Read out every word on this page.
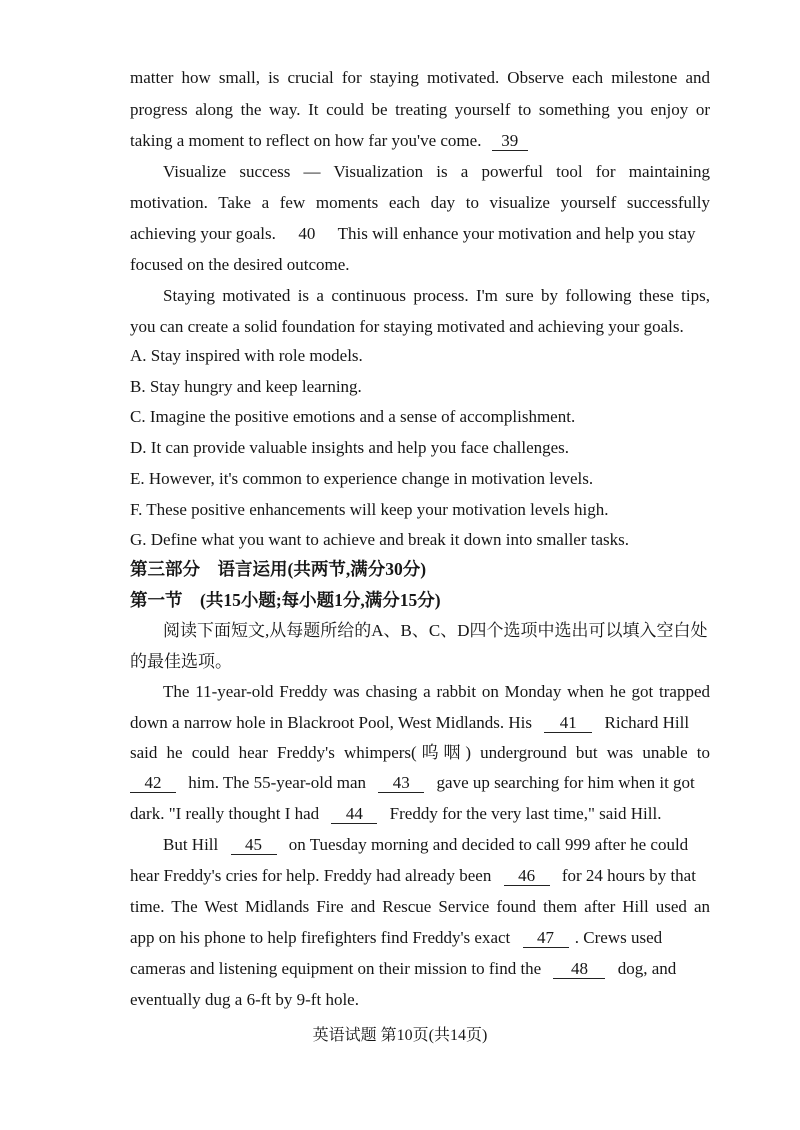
matter how small, is crucial for staying motivated. Observe each milestone and
progress along the way. It could be treating yourself to something you enjoy or
taking a moment to reflect on how far you've come. 39
Visualize success — Visualization is a powerful tool for maintaining
motivation. Take a few moments each day to visualize yourself successfully
achieving your goals. 40 This will enhance your motivation and help you stay
focused on the desired outcome.
Staying motivated is a continuous process. I'm sure by following these tips,
you can create a solid foundation for staying motivated and achieving your goals.
A. Stay inspired with role models.
B. Stay hungry and keep learning.
C. Imagine the positive emotions and a sense of accomplishment.
D. It can provide valuable insights and help you face challenges.
E. However, it's common to experience change in motivation levels.
F. These positive enhancements will keep your motivation levels high.
G. Define what you want to achieve and break it down into smaller tasks.
第三部分　语言运用(共两节,满分30分)
第一节　(共15小题;每小题1分,满分15分)
阅读下面短文,从每题所给的A、B、C、D四个选项中选出可以填入空白处
的最佳选项。
The 11-year-old Freddy was chasing a rabbit on Monday when he got trapped
down a narrow hole in Blackroot Pool, West Midlands. His 41 Richard Hill
said he could hear Freddy's whimpers(呜咽) underground but was unable to
42 him. The 55-year-old man 43 gave up searching for him when it got
dark. "I really thought I had 44 Freddy for the very last time," said Hill.
But Hill 45 on Tuesday morning and decided to call 999 after he could
hear Freddy's cries for help. Freddy had already been 46 for 24 hours by that
time. The West Midlands Fire and Rescue Service found them after Hill used an
app on his phone to help firefighters find Freddy's exact 47 . Crews used
cameras and listening equipment on their mission to find the 48 dog, and
eventually dug a 6-ft by 9-ft hole.
英语试题 第10页(共14页)
